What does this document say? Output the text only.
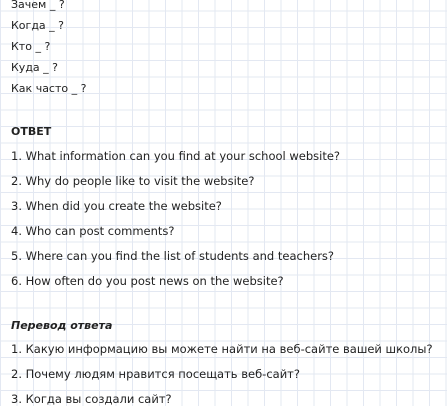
Зачем _ ?
Когда _ ?
Кто _ ?
Куда _ ?
Как часто _ ?
ОТВЕТ
1. What information can you find at your school website?
2. Why do people like to visit the website?
3. When did you create the website?
4. Who can post comments?
5. Where can you find the list of students and teachers?
6. How often do you post news on the website?
Перевод ответа
1. Какую информацию вы можете найти на веб-сайте вашей школы?
2. Почему людям нравится посещать веб-сайт?
3. Когда вы создали сайт?
